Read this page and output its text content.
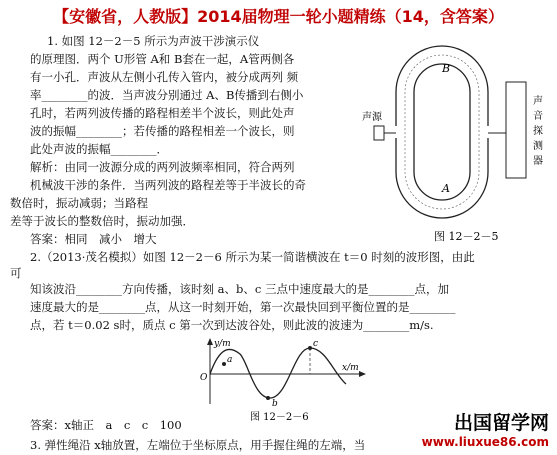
【安徽省，人教版】2014届物理一轮小题精练（14，含答案）
1. 如图 12－2－5 所示为声波干涉演示仪
的原理图．两个 U形管 A和 B套在一起，A管两侧各
有一小孔．声波从左侧小孔传入管内，被分成两列 频
率________的波．当声波分别通过 A、B传播到右侧小
孔时，若两列波传播的路程相差半个波长，则此处声
波的振幅________；若传播的路程相差一个波长，则
此处声波的振幅________．
解析：由同一波源分成的两列波频率相同，符合两列
机械波干涉的条件．当两列波的路程差等于半波长的奇
数倍时，振动减弱；当路程
差等于波长的整数倍时，振动加强．
答案：相同　减小　增大
B
A
声源
声
音
探
测
器
图 12－2－5
2.（2013·茂名模拟）如图 12－2－6 所示为某一简谐横波在 t＝0 时刻的波形图，由此
可
知该波沿________方向传播，该时刻 a、b、c 三点中速度最大的是________点，加
速度最大的是________点，从这一时刻开始，第一次最快回到平衡位置的是________
点，若 t＝0.02 s时，质点 c 第一次到达波谷处，则此波的波速为________m/s.
y/m
x/m
O
a
b
c
图 12－2－6
答案：x轴正　a　c　c　100
3. 弹性绳沿 x轴放置，左端位于坐标原点，用手握住绳的左端，当
出国留学网
www.liuxue86.com
